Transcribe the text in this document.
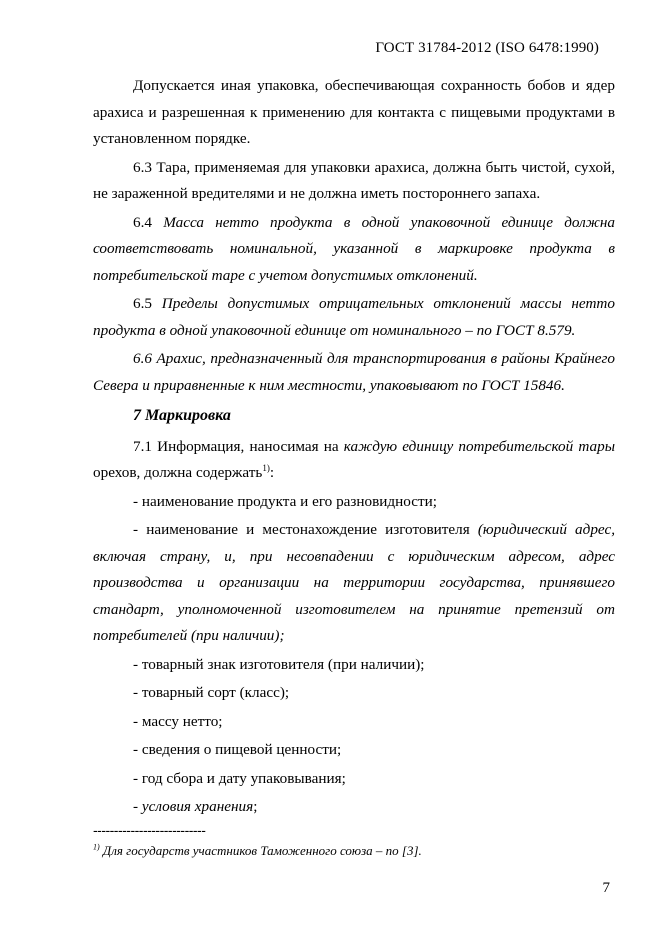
ГОСТ 31784-2012 (ISO 6478:1990)

Допускается иная упаковка, обеспечивающая сохранность бобов и ядер арахиса и разрешенная к применению для контакта с пищевыми продуктами в установленном порядке.

6.3 Тара, применяемая для упаковки арахиса, должна быть чистой, сухой, не зараженной вредителями и не должна иметь постороннего запаха.

6.4 Масса нетто продукта в одной упаковочной единице должна соответствовать номинальной, указанной в маркировке продукта в потребительской таре с учетом допустимых отклонений.

6.5 Пределы допустимых отрицательных отклонений массы нетто продукта в одной упаковочной единице от номинального – по ГОСТ 8.579.

6.6 Арахис, предназначенный для транспортирования в районы Крайнего Севера и приравненные к ним местности, упаковывают по ГОСТ 15846.

7 Маркировка

7.1 Информация, наносимая на каждую единицу потребительской тары орехов, должна содержать$^{1)}$:

- наименование продукта и его разновидности;

- наименование и местонахождение изготовителя (юридический адрес, включая страну, и, при несовпадении с юридическим адресом, адрес производства и организации на территории государства, принявшего стандарт, уполномоченной изготовителем на принятие претензий от потребителей (при наличии);

- товарный знак изготовителя (при наличии);

- товарный сорт (класс);

- массу нетто;

- сведения о пищевой ценности;

- год сбора и дату упаковывания;

- условия хранения;

---------------------------
$^{1)}$ Для государств участников Таможенного союза – по [3].
7
